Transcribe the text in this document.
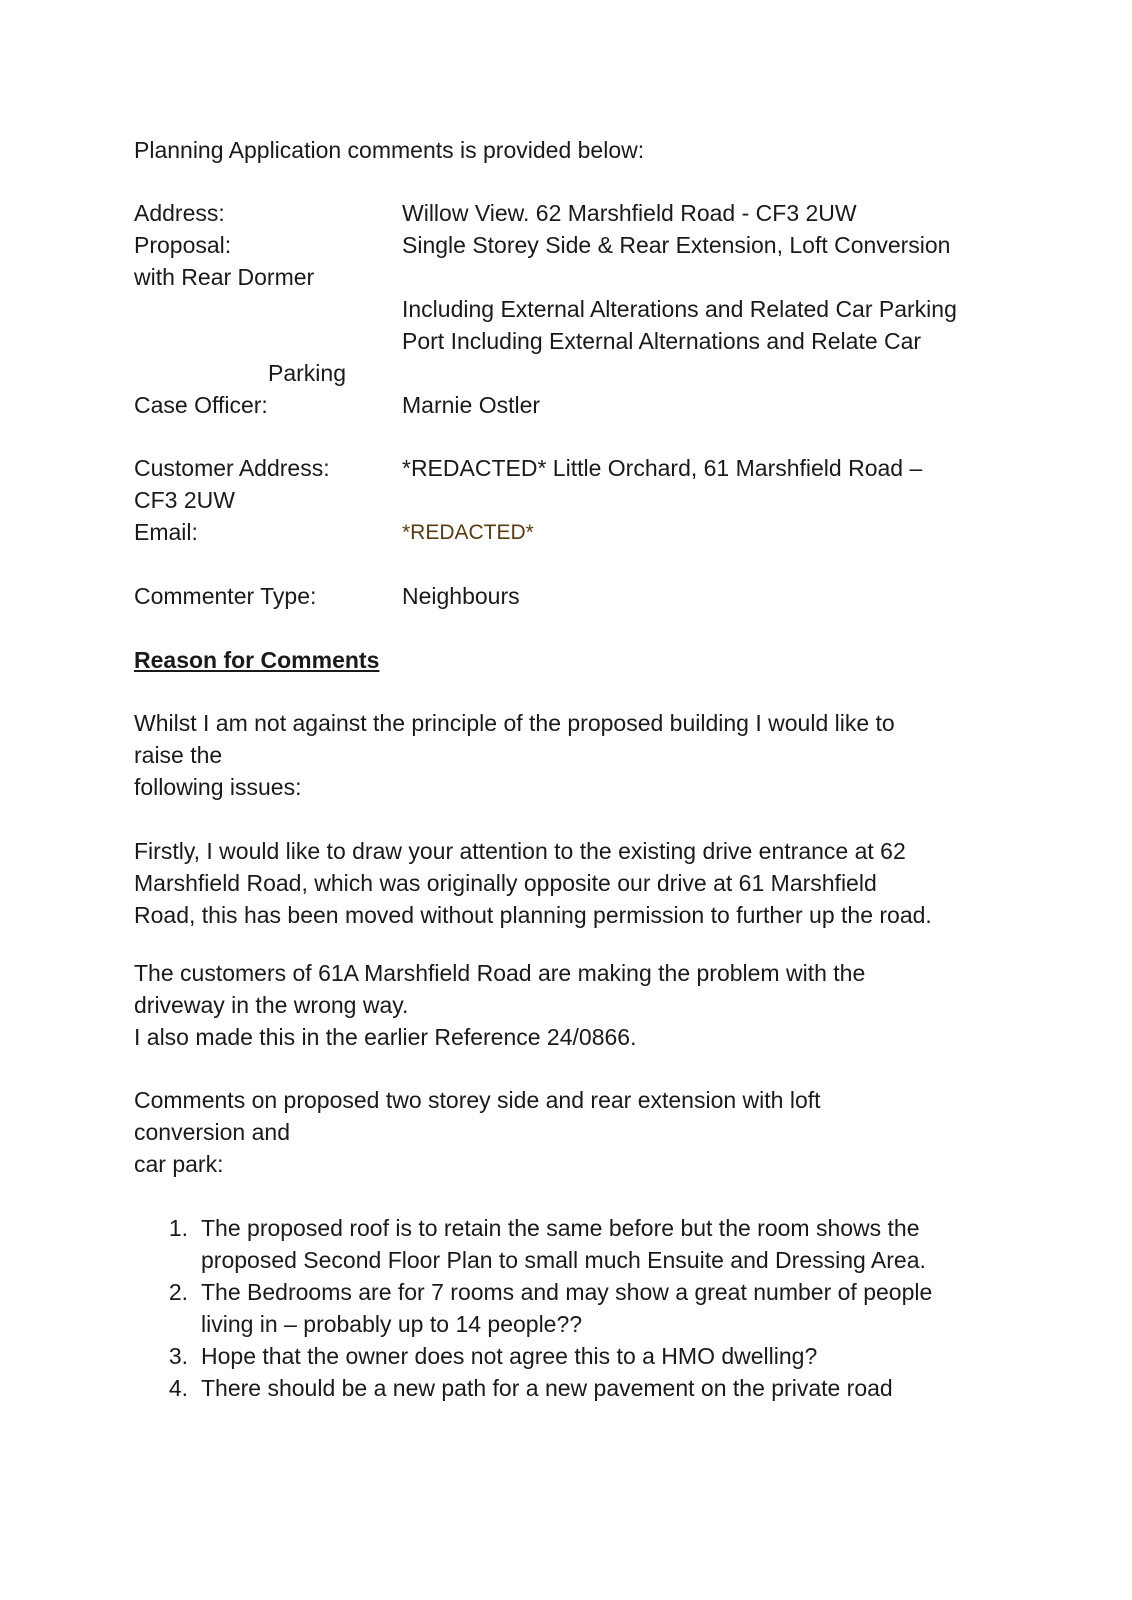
Planning Application comments is provided below:

Address:	Willow View. 62 Marshfield Road - CF3 2UW

Proposal:	Single Storey Side & Rear Extension, Loft Conversion

with Rear Dormer

Including External Alterations and Related Car Parking

Port Including External Alternations and Relate Car

Parking

Case Officer:	Marnie Ostler

Customer Address:	*REDACTED* Little Orchard, 61 Marshfield Road –

CF3 2UW

Email:	*REDACTED*

Commenter Type:	Neighbours

Reason for Comments

Whilst I am not against the principle of the proposed building I would like to

raise the

following issues:

Firstly, I would like to draw your attention to the existing drive entrance at 62

Marshfield Road, which was originally opposite our drive at 61 Marshfield

Road, this has been moved without planning permission to further up the road.

The customers of 61A Marshfield Road are making the problem with the

driveway in the wrong way.

I also made this in the earlier Reference 24/0866.

Comments on proposed two storey side and rear extension with loft

conversion and

car park:

1. The proposed roof is to retain the same before but the room shows the

proposed Second Floor Plan to small much Ensuite and Dressing Area.

2. The Bedrooms are for 7 rooms and may show a great number of people

living in – probably up to 14 people??

3. Hope that the owner does not agree this to a HMO dwelling?

4. There should be a new path for a new pavement on the private road
